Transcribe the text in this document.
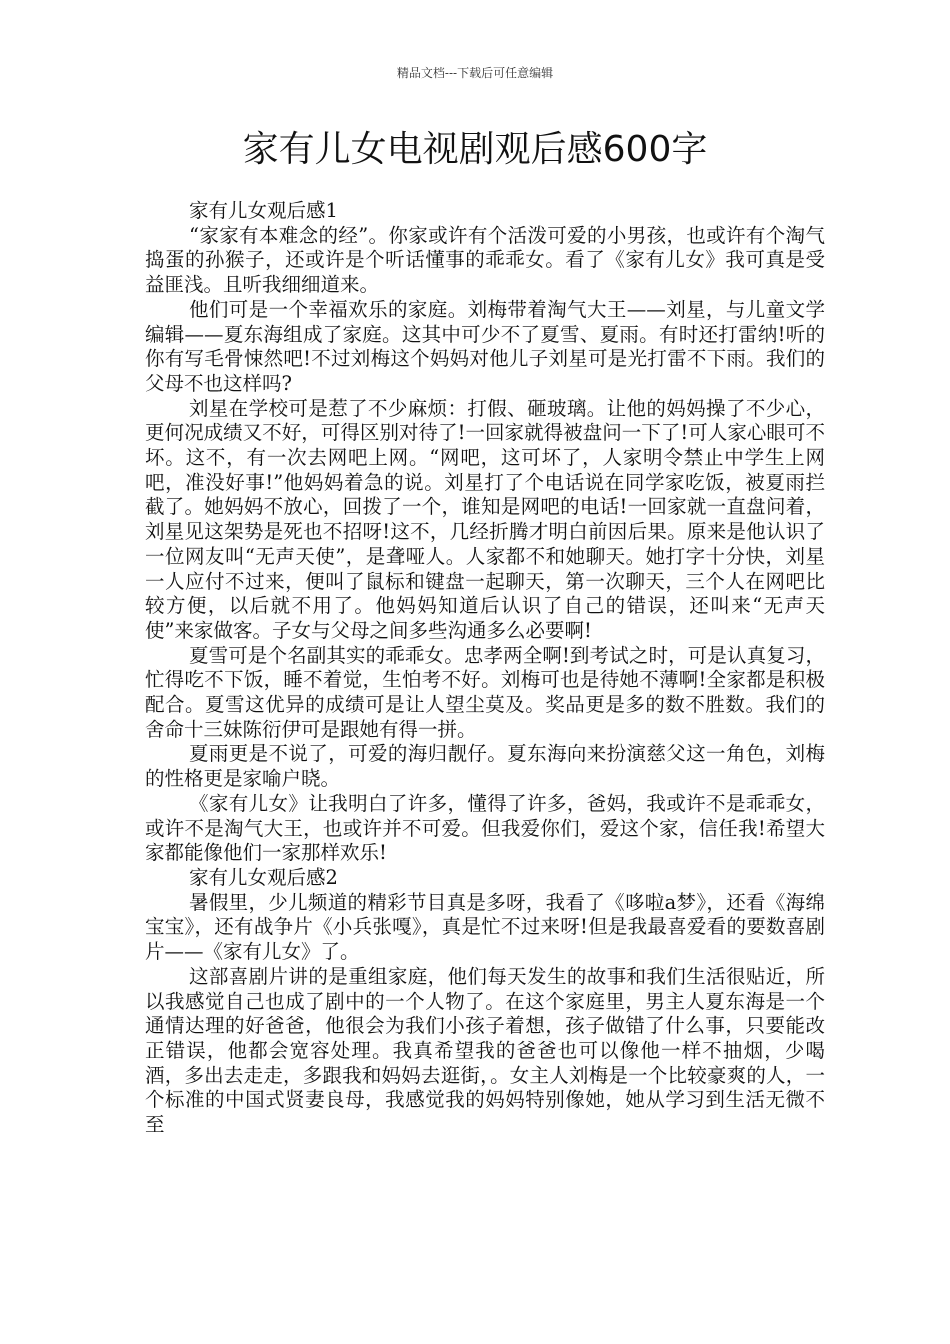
精品文档---下载后可任意编辑
家有儿女电视剧观后感600字

家有儿女观后感1

“家家有本难念的经”。你家或许有个活泼可爱的小男孩，也或许有个淘气捣蛋的孙猴子，还或许是个听话懂事的乖乖女。看了《家有儿女》我可真是受益匪浅。且听我细细道来。

他们可是一个幸福欢乐的家庭。刘梅带着淘气大王——刘星，与儿童文学编辑——夏东海组成了家庭。这其中可少不了夏雪、夏雨。有时还打雷纳!听的你有写毛骨悚然吧!不过刘梅这个妈妈对他儿子刘星可是光打雷不下雨。我们的父母不也这样吗?

刘星在学校可是惹了不少麻烦：打假、砸玻璃。让他的妈妈操了不少心，更何况成绩又不好，可得区别对待了!一回家就得被盘问一下了!可人家心眼可不坏。这不，有一次去网吧上网。“网吧，这可坏了，人家明令禁止中学生上网吧，准没好事!”他妈妈着急的说。刘星打了个电话说在同学家吃饭，被夏雨拦截了。她妈妈不放心，回拨了一个，谁知是网吧的电话!一回家就一直盘问着，刘星见这架势是死也不招呀!这不，几经折腾才明白前因后果。原来是他认识了一位网友叫“无声天使”，是聋哑人。人家都不和她聊天。她打字十分快，刘星一人应付不过来，便叫了鼠标和键盘一起聊天，第一次聊天，三个人在网吧比较方便，以后就不用了。他妈妈知道后认识了自己的错误，还叫来“无声天使”来家做客。子女与父母之间多些沟通多么必要啊!

夏雪可是个名副其实的乖乖女。忠孝两全啊!到考试之时，可是认真复习，忙得吃不下饭，睡不着觉，生怕考不好。刘梅可也是待她不薄啊!全家都是积极配合。夏雪这优异的成绩可是让人望尘莫及。奖品更是多的数不胜数。我们的舍命十三妹陈衍伊可是跟她有得一拼。

夏雨更是不说了，可爱的海归靓仔。夏东海向来扮演慈父这一角色，刘梅的性格更是家喻户晓。

《家有儿女》让我明白了许多，懂得了许多，爸妈，我或许不是乖乖女，或许不是淘气大王，也或许并不可爱。但我爱你们，爱这个家，信任我!希望大家都能像他们一家那样欢乐!

家有儿女观后感2

暑假里，少儿频道的精彩节目真是多呀，我看了《哆啦a梦》，还看《海绵宝宝》，还有战争片《小兵张嘎》，真是忙不过来呀!但是我最喜爱看的要数喜剧片——《家有儿女》了。

这部喜剧片讲的是重组家庭，他们每天发生的故事和我们生活很贴近，所以我感觉自己也成了剧中的一个人物了。在这个家庭里，男主人夏东海是一个通情达理的好爸爸，他很会为我们小孩子着想，孩子做错了什么事，只要能改正错误，他都会宽容处理。我真希望我的爸爸也可以像他一样不抽烟，少喝酒，多出去走走，多跟我和妈妈去逛街，。女主人刘梅是一个比较豪爽的人，一个标准的中国式贤妻良母，我感觉我的妈妈特别像她，她从学习到生活无微不至
